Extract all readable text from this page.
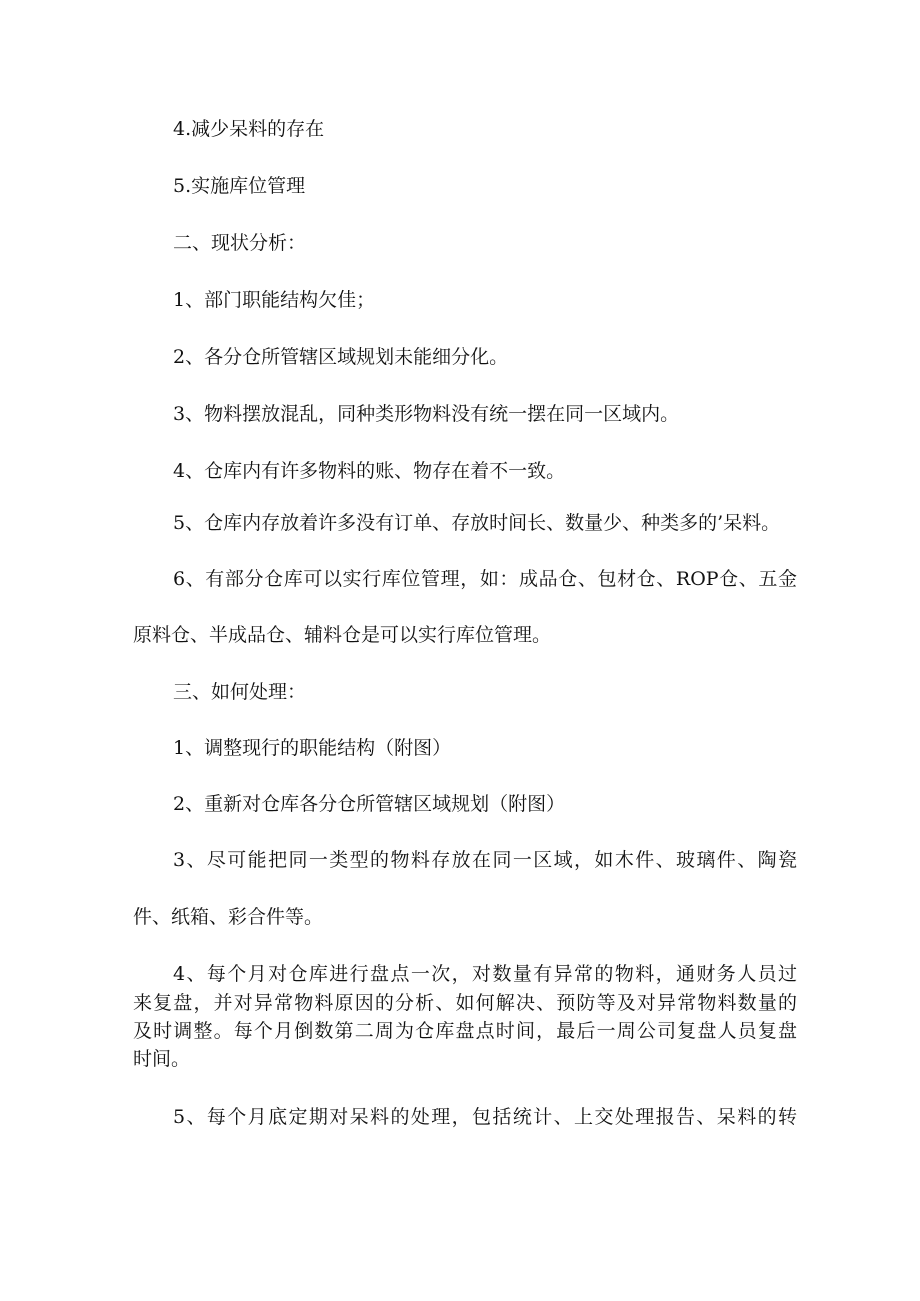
4.减少呆料的存在

5.实施库位管理

二、现状分析：

1、部门职能结构欠佳；

2、各分仓所管辖区域规划未能细分化。

3、物料摆放混乱，同种类形物料没有统一摆在同一区域内。

4、仓库内有许多物料的账、物存在着不一致。

5、仓库内存放着许多没有订单、存放时间长、数量少、种类多的’呆料。

6、有部分仓库可以实行库位管理，如：成品仓、包材仓、ROP仓、五金

原料仓、半成品仓、辅料仓是可以实行库位管理。

三、如何处理：

1、调整现行的职能结构（附图）

2、重新对仓库各分仓所管辖区域规划（附图）

3、尽可能把同一类型的物料存放在同一区域，如木件、玻璃件、陶瓷

件、纸箱、彩合件等。

4、每个月对仓库进行盘点一次，对数量有异常的物料，通财务人员过

来复盘，并对异常物料原因的分析、如何解决、预防等及对异常物料数量的

及时调整。每个月倒数第二周为仓库盘点时间，最后一周公司复盘人员复盘

时间。

5、每个月底定期对呆料的处理，包括统计、上交处理报告、呆料的转
